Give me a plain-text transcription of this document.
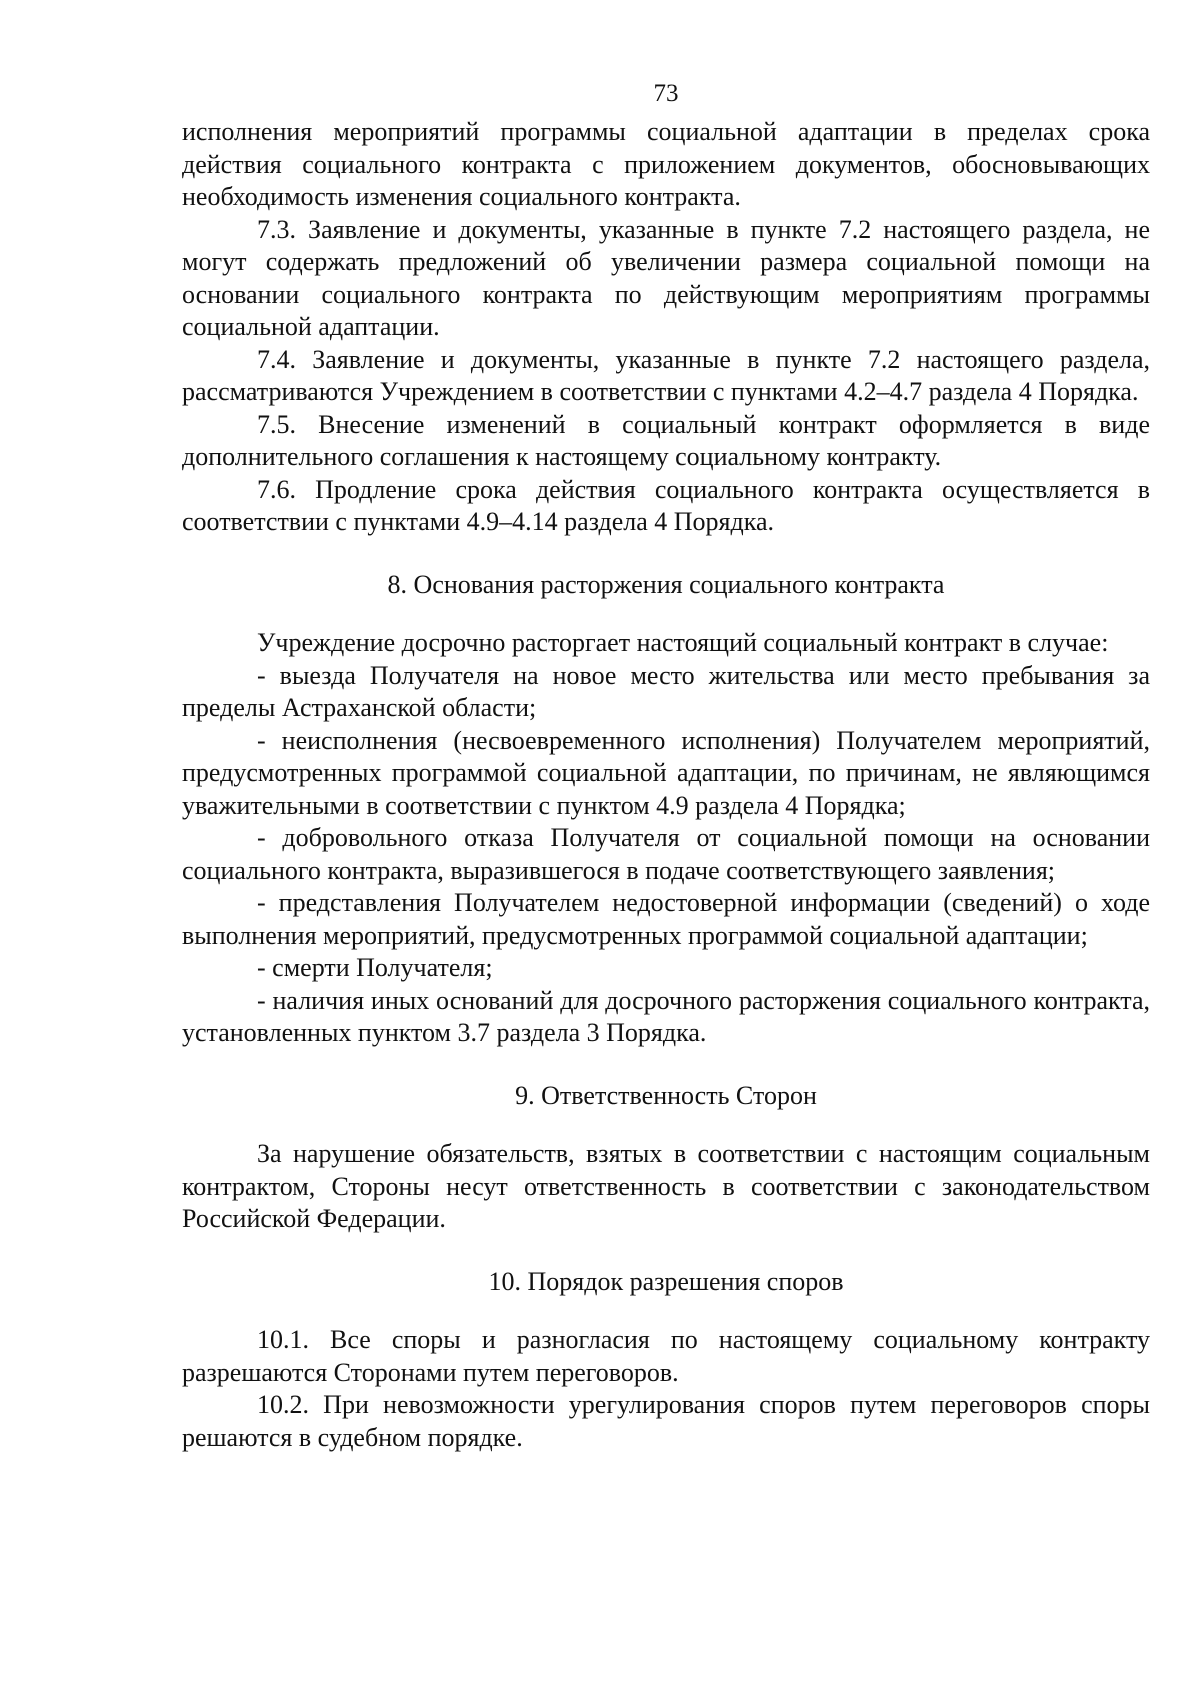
73

исполнения мероприятий программы социальной адаптации в пределах срока действия социального контракта с приложением документов, обосновывающих необходимость изменения социального контракта.

7.3. Заявление и документы, указанные в пункте 7.2 настоящего раздела, не могут содержать предложений об увеличении размера социальной помощи на основании социального контракта по действующим мероприятиям программы социальной адаптации.

7.4. Заявление и документы, указанные в пункте 7.2 настоящего раздела, рассматриваются Учреждением в соответствии с пунктами 4.2–4.7 раздела 4 Порядка.

7.5. Внесение изменений в социальный контракт оформляется в виде дополнительного соглашения к настоящему социальному контракту.

7.6. Продление срока действия социального контракта осуществляется в соответствии с пунктами 4.9–4.14 раздела 4 Порядка.

8. Основания расторжения социального контракта

Учреждение досрочно расторгает настоящий социальный контракт в случае:

- выезда Получателя на новое место жительства или место пребывания за пределы Астраханской области;

- неисполнения (несвоевременного исполнения) Получателем мероприятий, предусмотренных программой социальной адаптации, по причинам, не являющимся уважительными в соответствии с пунктом 4.9 раздела 4 Порядка;

- добровольного отказа Получателя от социальной помощи на основании социального контракта, выразившегося в подаче соответствующего заявления;

- представления Получателем недостоверной информации (сведений) о ходе выполнения мероприятий, предусмотренных программой социальной адаптации;

- смерти Получателя;

- наличия иных оснований для досрочного расторжения социального контракта, установленных пунктом 3.7 раздела 3 Порядка.

9. Ответственность Сторон

За нарушение обязательств, взятых в соответствии с настоящим социальным контрактом, Стороны несут ответственность в соответствии с законодательством Российской Федерации.

10. Порядок разрешения споров

10.1. Все споры и разногласия по настоящему социальному контракту разрешаются Сторонами путем переговоров.

10.2. При невозможности урегулирования споров путем переговоров споры решаются в судебном порядке.
